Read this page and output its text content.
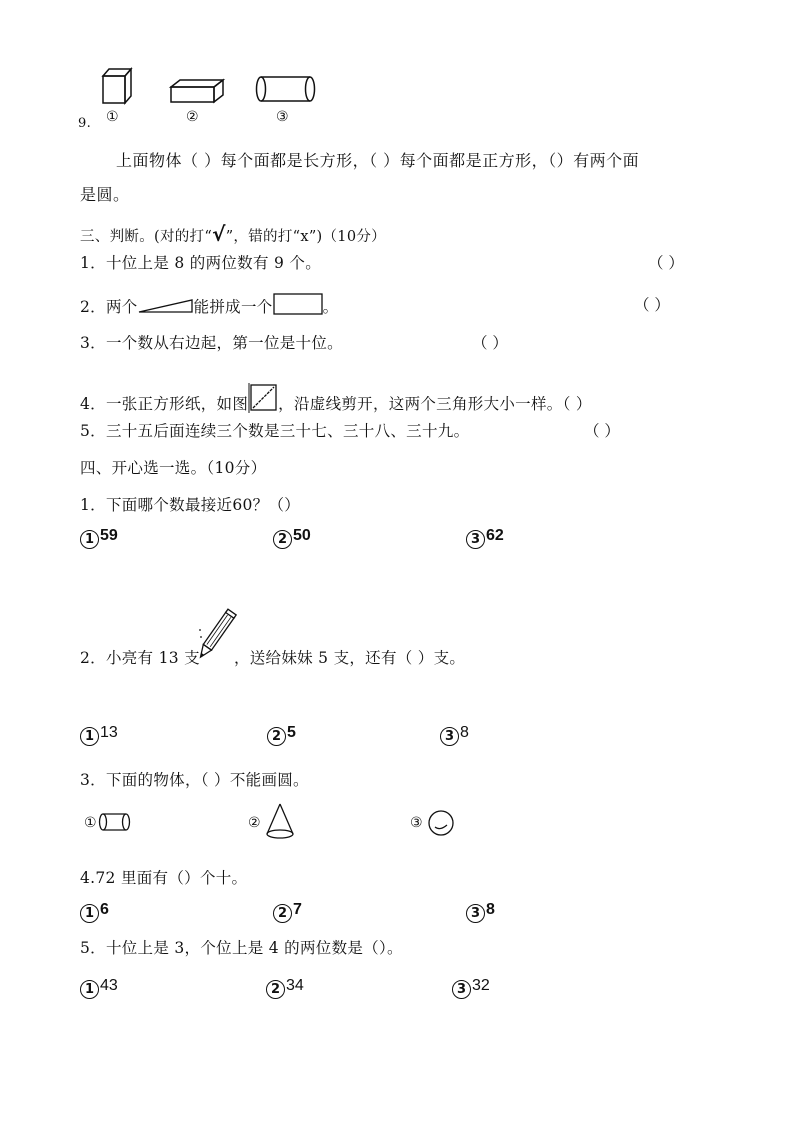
9. ①	②	③
上面物体（ ）每个面都是长方形，（ ）每个面都是正方形，（）有两个面
是圆。
三、判断。(对的打“√”，错的打“x”)（10分）
1．十位上是 8 的两位数有 9 个。	（ ）
2．两个	能拼成一个	。	（ ）
3．一个数从右边起，第一位是十位。	（ ）
4．一张正方形纸，如图 ，沿虚线剪开，这两个三角形大小一样。（ ）
5．三十五后面连续三个数是三十七、三十八、三十九。	（ ）
四、开心选一选。（10分）
1．下面哪个数最接近60？（）
1 59	2 50	3 62
2．小亮有 13 支 ，送给妹妹 5 支，还有（ ）支。
1 13	2 5	3 8
3．下面的物体，（ ）不能画圆。
①	②	③
4.72 里面有（）个十。
1 6	2 7	3 8
5．十位上是 3，个位上是 4 的两位数是（）。
1 43	2 34	3 32
